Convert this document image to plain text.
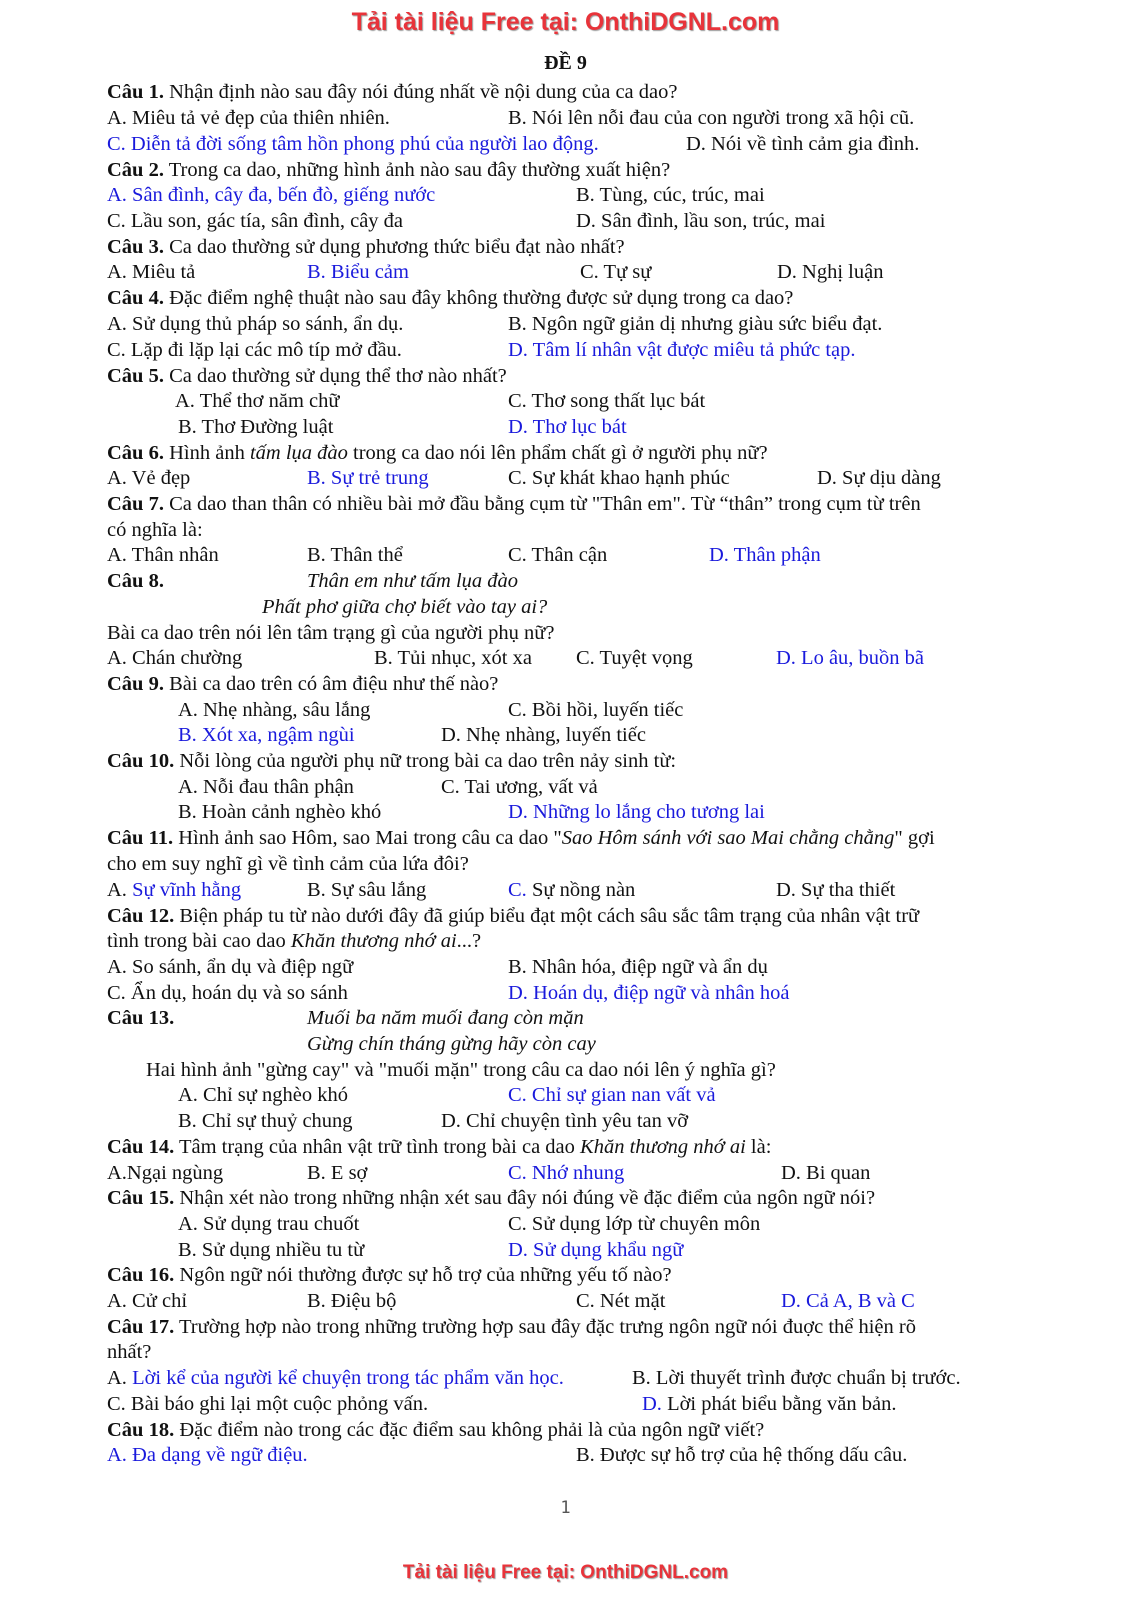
Tải tài liệu Free tại: OnthiDGNL.com
ĐỀ 9
Câu 1. Nhận định nào sau đây nói đúng nhất về nội dung của ca dao?
A. Miêu tả vẻ đẹp của thiên nhiên.	B. Nói lên nỗi đau của con người trong xã hội cũ.
C. Diễn tả đời sống tâm hồn phong phú của người lao động.	D. Nói về tình cảm gia đình.
Câu 2. Trong ca dao, những hình ảnh nào sau đây thường xuất hiện?
A. Sân đình, cây đa, bến đò, giếng nước	B. Tùng, cúc, trúc, mai
C. Lầu son, gác tía, sân đình, cây đa	D. Sân đình, lầu son, trúc, mai
Câu 3. Ca dao thường sử dụng phương thức biểu đạt nào nhất?
A. Miêu tả	B. Biểu cảm	C. Tự sự	D. Nghị luận
Câu 4. Đặc điểm nghệ thuật nào sau đây không thường được sử dụng trong ca dao?
A. Sử dụng thủ pháp so sánh, ẩn dụ.	B. Ngôn ngữ giản dị nhưng giàu sức biểu đạt.
C. Lặp đi lặp lại các mô típ mở đầu.	D. Tâm lí nhân vật được miêu tả phức tạp.
Câu 5. Ca dao thường sử dụng thể thơ nào nhất?
A. Thể thơ năm chữ	C. Thơ song thất lục bát
B. Thơ Đường luật	D. Thơ lục bát
Câu 6. Hình ảnh tấm lụa đào trong ca dao nói lên phẩm chất gì ở người phụ nữ?
A. Vẻ đẹp	B. Sự trẻ trung	C. Sự khát khao hạnh phúc	D. Sự dịu dàng
Câu 7. Ca dao than thân có nhiều bài mở đầu bằng cụm từ "Thân em". Từ “thân” trong cụm từ trên
có nghĩa là:
A. Thân nhân	B. Thân thể	C. Thân cận	D. Thân phận
Câu 8.	Thân em như tấm lụa đào
Phất phơ giữa chợ biết vào tay ai?
Bài ca dao trên nói lên tâm trạng gì của người phụ nữ?
A. Chán chường	B. Tủi nhục, xót xa C. Tuyệt vọng	D. Lo âu, buồn bã
Câu 9. Bài ca dao trên có âm điệu như thế nào?
A. Nhẹ nhàng, sâu lắng	C. Bồi hồi, luyến tiếc
B. Xót xa, ngậm ngùi	D. Nhẹ nhàng, luyến tiếc
Câu 10. Nỗi lòng của người phụ nữ trong bài ca dao trên nảy sinh từ:
A. Nỗi đau thân phận	C. Tai ương, vất vả
B. Hoàn cảnh nghèo khó	D. Những lo lắng cho tương lai
Câu 11. Hình ảnh sao Hôm, sao Mai trong câu ca dao "Sao Hôm sánh với sao Mai chằng chằng" gợi
cho em suy nghĩ gì về tình cảm của lứa đôi?
A. Sự vĩnh hằng	B. Sự sâu lắng	C. Sự nồng nàn	D. Sự tha thiết
Câu 12. Biện pháp tu từ nào dưới đây đã giúp biểu đạt một cách sâu sắc tâm trạng của nhân vật trữ
tình trong bài cao dao Khăn thương nhớ ai...?
A. So sánh, ẩn dụ và điệp ngữ	B. Nhân hóa, điệp ngữ và ẩn dụ
C. Ẩn dụ, hoán dụ và so sánh	D. Hoán dụ, điệp ngữ và nhân hoá
Câu 13.	Muối ba năm muối đang còn mặn
Gừng chín tháng gừng hãy còn cay
Hai hình ảnh "gừng cay" và "muối mặn" trong câu ca dao nói lên ý nghĩa gì?
A. Chỉ sự nghèo khó	C. Chỉ sự gian nan vất vả
B. Chỉ sự thuỷ chung	D. Chỉ chuyện tình yêu tan vỡ
Câu 14. Tâm trạng của nhân vật trữ tình trong bài ca dao Khăn thương nhớ ai là:
A.Ngại ngùng	B. E sợ	C. Nhớ nhung	D. Bi quan
Câu 15. Nhận xét nào trong những nhận xét sau đây nói đúng về đặc điểm của ngôn ngữ nói?
A. Sử dụng trau chuốt	C. Sử dụng lớp từ chuyên môn
B. Sử dụng nhiều tu từ	D. Sử dụng khẩu ngữ
Câu 16. Ngôn ngữ nói thường được sự hỗ trợ của những yếu tố nào?
A. Cử chỉ	B. Điệu bộ	C. Nét mặt	D. Cả A, B và C
Câu 17. Trường hợp nào trong những trường hợp sau đây đặc trưng ngôn ngữ nói đuợc thể hiện rõ
nhất?
A. Lời kể của người kể chuyện trong tác phẩm văn học.	B. Lời thuyết trình được chuẩn bị trước.
C. Bài báo ghi lại một cuộc phỏng vấn.	D. Lời phát biểu bằng văn bản.
Câu 18. Đặc điểm nào trong các đặc điểm sau không phải là của ngôn ngữ viết?
A. Đa dạng về ngữ điệu.	B. Được sự hỗ trợ của hệ thống dấu câu.
1
Tải tài liệu Free tại: OnthiDGNL.com
